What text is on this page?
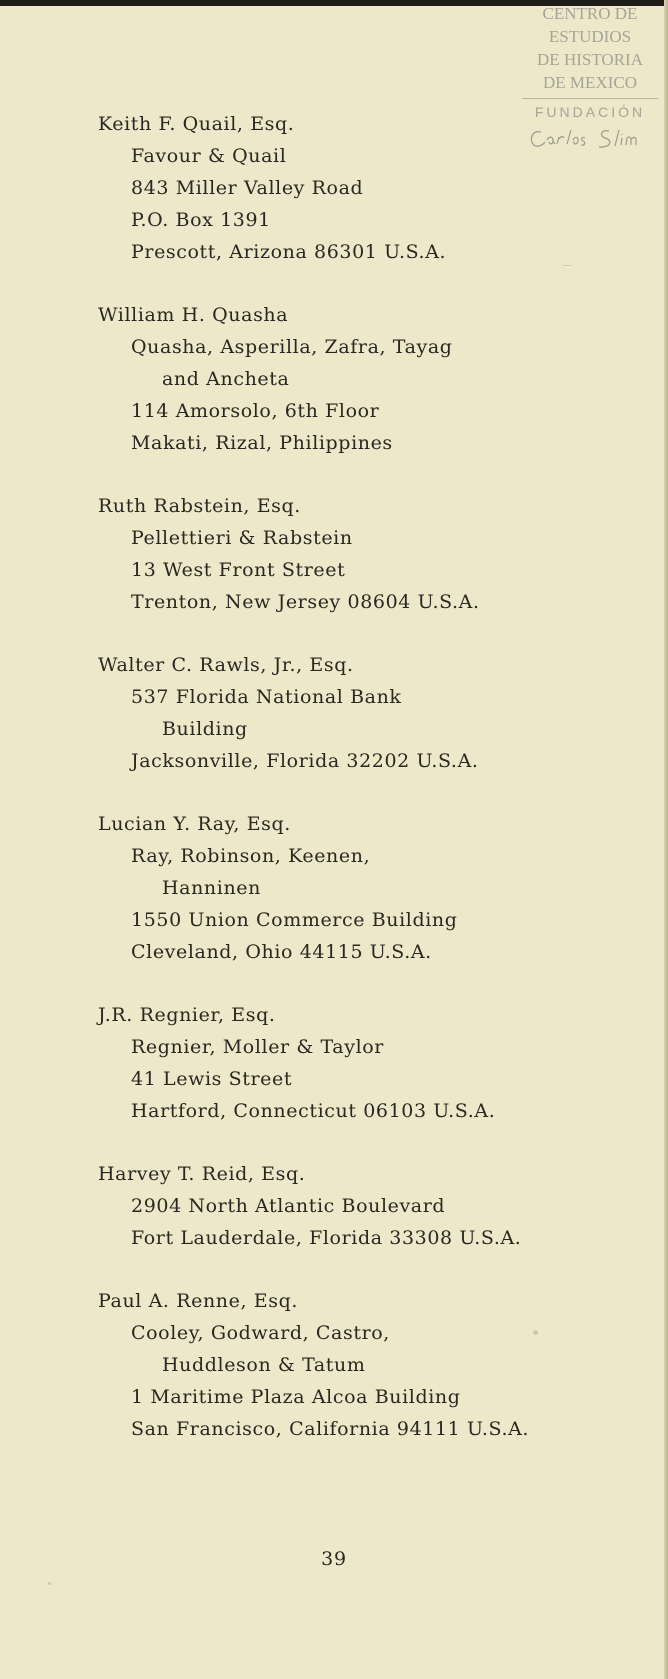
CENTRO DE
ESTUDIOS
DE HISTORIA
DE MEXICO
FUNDACIÓN
Keith F. Quail, Esq.
Favour & Quail
843 Miller Valley Road
P.O. Box 1391
Prescott, Arizona 86301 U.S.A.
William H. Quasha
Quasha, Asperilla, Zafra, Tayag
and Ancheta
114 Amorsolo, 6th Floor
Makati, Rizal, Philippines
Ruth Rabstein, Esq.
Pellettieri & Rabstein
13 West Front Street
Trenton, New Jersey 08604 U.S.A.
Walter C. Rawls, Jr., Esq.
537 Florida National Bank
Building
Jacksonville, Florida 32202 U.S.A.
Lucian Y. Ray, Esq.
Ray, Robinson, Keenen,
Hanninen
1550 Union Commerce Building
Cleveland, Ohio 44115 U.S.A.
J.R. Regnier, Esq.
Regnier, Moller & Taylor
41 Lewis Street
Hartford, Connecticut 06103 U.S.A.
Harvey T. Reid, Esq.
2904 North Atlantic Boulevard
Fort Lauderdale, Florida 33308 U.S.A.
Paul A. Renne, Esq.
Cooley, Godward, Castro,
Huddleson & Tatum
1 Maritime Plaza Alcoa Building
San Francisco, California 94111 U.S.A.
39
